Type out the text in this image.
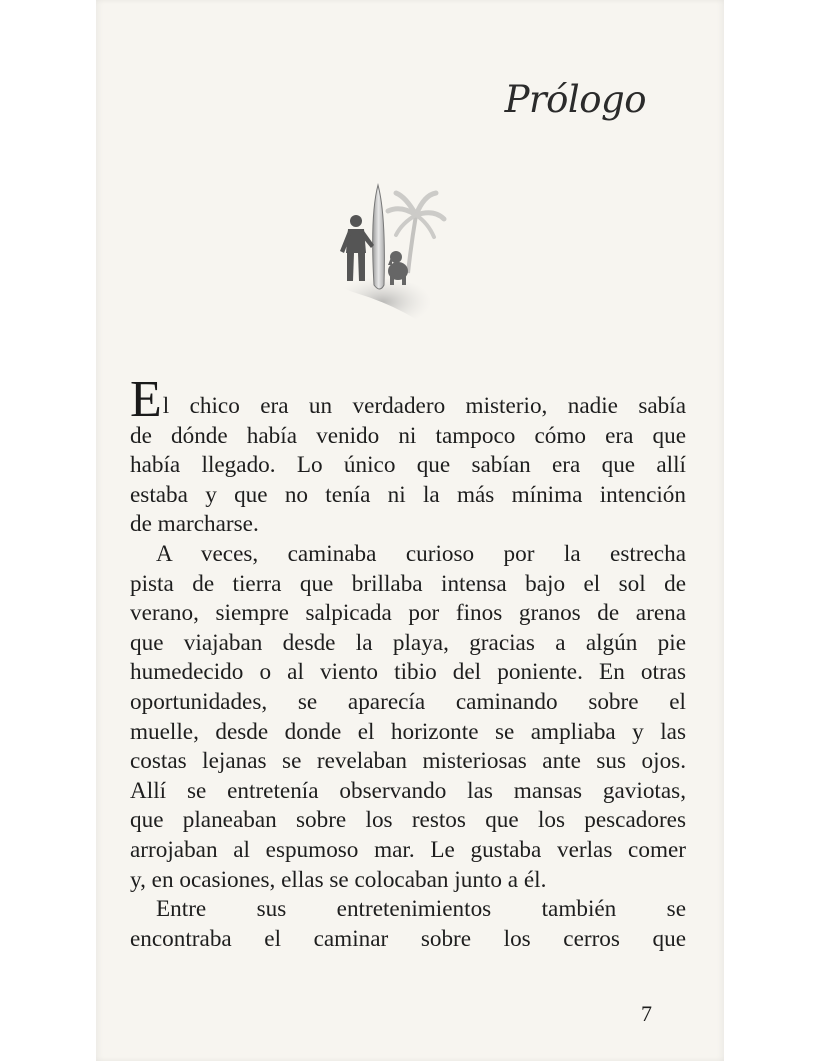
Prólogo

El chico era un verdadero misterio, nadie sabía

de dónde había venido ni tampoco cómo era que

había llegado. Lo único que sabían era que allí

estaba y que no tenía ni la más mínima intención

de marcharse.

A veces, caminaba curioso por la estrecha

pista de tierra que brillaba intensa bajo el sol de

verano, siempre salpicada por finos granos de arena

que viajaban desde la playa, gracias a algún pie

humedecido o al viento tibio del poniente. En otras

oportunidades, se aparecía caminando sobre el

muelle, desde donde el horizonte se ampliaba y las

costas lejanas se revelaban misteriosas ante sus ojos.

Allí se entretenía observando las mansas gaviotas,

que planeaban sobre los restos que los pescadores

arrojaban al espumoso mar. Le gustaba verlas comer

y, en ocasiones, ellas se colocaban junto a él.

Entre sus entretenimientos también se

encontraba el caminar sobre los cerros que

7
